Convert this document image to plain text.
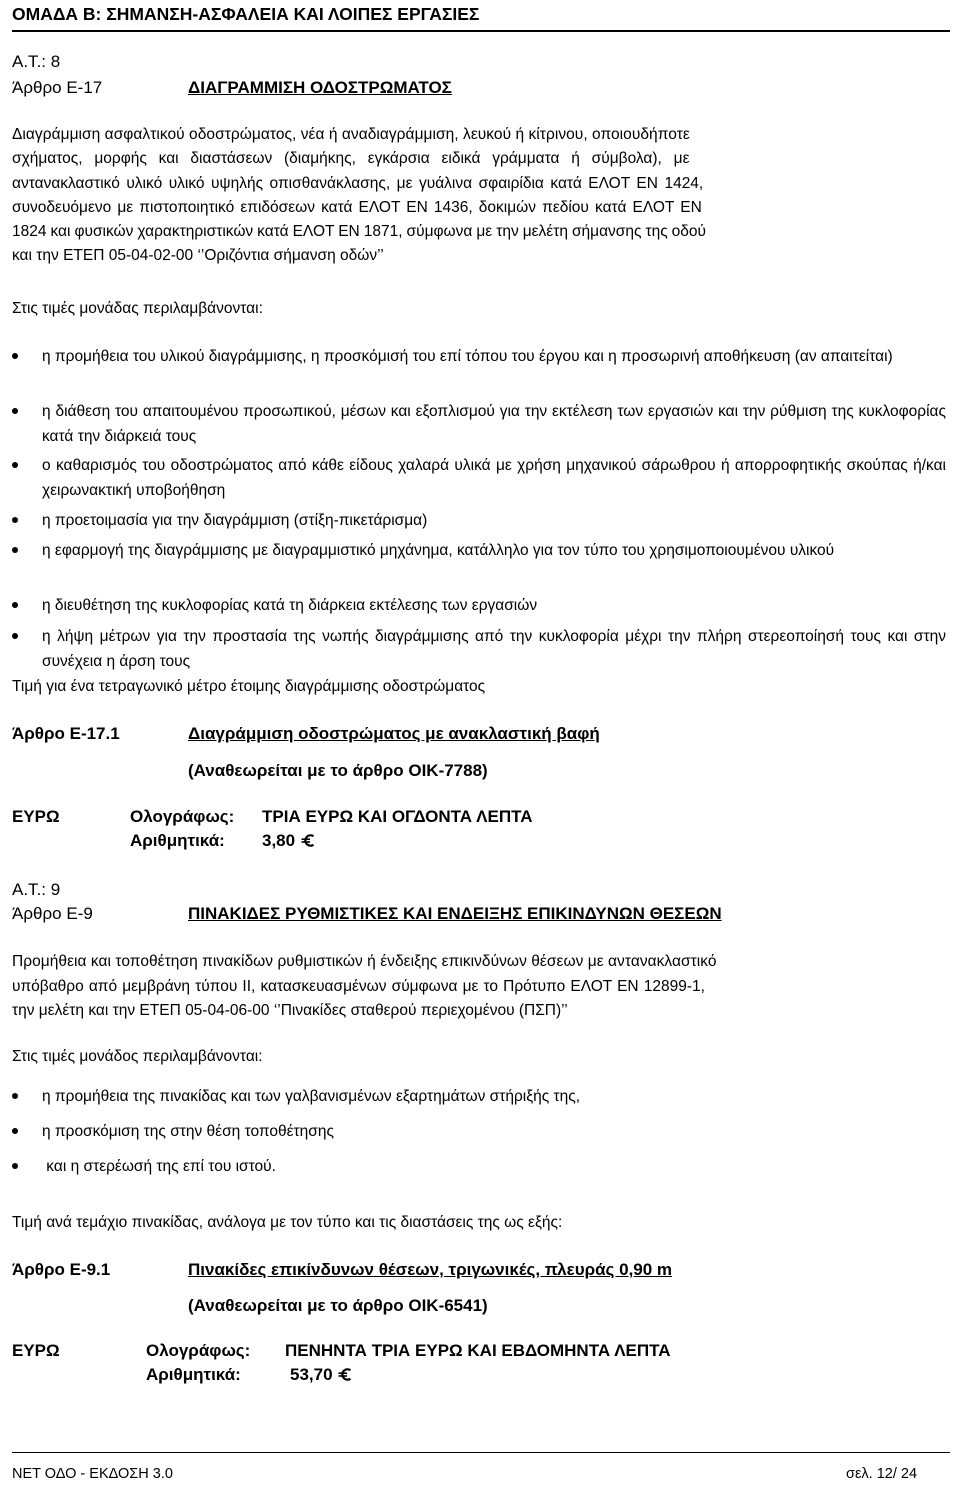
ΟΜΑΔΑ Β: ΣΗΜΑΝΣΗ-ΑΣΦΑΛΕΙΑ ΚΑΙ ΛΟΙΠΕΣ ΕΡΓΑΣΙΕΣ
Α.Τ.: 8
Άρθρο Ε-17	ΔΙΑΓΡΑΜΜΙΣΗ ΟΔΟΣΤΡΩΜΑΤΟΣ
Διαγράμμιση ασφαλτικού οδοστρώματος, νέα ή αναδιαγράμμιση, λευκού ή κίτρινου, οποιουδήποτε
σχήματος, μορφής και διαστάσεων (διαμήκης, εγκάρσια ειδικά γράμματα ή σύμβολα), με
αντανακλαστικό υλικό υλικό υψηλής οπισθανάκλασης, με γυάλινα σφαιρίδια κατά ΕΛΟΤ ΕΝ 1424,
συνοδευόμενο με πιστοποιητικό επιδόσεων κατά ΕΛΟΤ ΕΝ 1436, δοκιμών πεδίου κατά ΕΛΟΤ ΕΝ
1824 και φυσικών χαρακτηριστικών κατά ΕΛΟΤ ΕΝ 1871, σύμφωνα με την μελέτη σήμανσης της οδού
και την ΕΤΕΠ 05-04-02-00 ‘’Οριζόντια σήμανση οδών’’
Στις τιμές μονάδας περιλαμβάνονται:
η προμήθεια του υλικού διαγράμμισης, η προσκόμισή του επί τόπου του έργου και η προσωρινή αποθήκευση (αν απαιτείται)
η διάθεση του απαιτουμένου προσωπικού, μέσων και εξοπλισμού για την εκτέλεση των εργασιών και την ρύθμιση της κυκλοφορίας κατά την διάρκειά τους
ο καθαρισμός του οδοστρώματος από κάθε είδους χαλαρά υλικά με χρήση μηχανικού σάρωθρου ή απορροφητικής σκούπας ή/και χειρωνακτική υποβοήθηση
η προετοιμασία για την διαγράμμιση (στίξη-πικετάρισμα)
η εφαρμογή της διαγράμμισης με διαγραμμιστικό μηχάνημα, κατάλληλο για τον τύπο του χρησιμοποιουμένου υλικού
η διευθέτηση της κυκλοφορίας κατά τη διάρκεια εκτέλεσης των εργασιών
η λήψη μέτρων για την προστασία της νωπής διαγράμμισης από την κυκλοφορία μέχρι την πλήρη στερεοποίησή τους και στην συνέχεια η άρση τους
Τιμή για ένα τετραγωνικό μέτρο έτοιμης διαγράμμισης οδοστρώματος
Άρθρο Ε-17.1	Διαγράμμιση οδοστρώματος με ανακλαστική βαφή
(Αναθεωρείται με το άρθρο ΟΙΚ-7788)
ΕΥΡΩ	Ολογράφως: ΤΡΙΑ ΕΥΡΩ ΚΑΙ ΟΓΔΟΝΤΑ ΛΕΠΤΑ
Αριθμητικά: 3,80
Α.Τ.: 9
Άρθρο Ε-9	ΠΙΝΑΚΙΔΕΣ ΡΥΘΜΙΣΤΙΚΕΣ ΚΑΙ ΕΝΔΕΙΞΗΣ ΕΠΙΚΙΝΔΥΝΩΝ ΘΕΣΕΩΝ
Προμήθεια και τοποθέτηση πινακίδων ρυθμιστικών ή ένδειξης επικινδύνων θέσεων με αντανακλαστικό
υπόβαθρο από μεμβράνη τύπου ΙΙ, κατασκευασμένων σύμφωνα με το Πρότυπο ΕΛΟΤ ΕΝ 12899-1,
την μελέτη και την ΕΤΕΠ 05-04-06-00 ‘’Πινακίδες σταθερού περιεχομένου (ΠΣΠ)’’
Στις τιμές μονάδος περιλαμβάνονται:
η προμήθεια της πινακίδας και των γαλβανισμένων εξαρτημάτων στήριξής της,
η προσκόμιση της στην θέση τοποθέτησης
και η στερέωσή της επί του ιστού.
Τιμή ανά τεμάχιο πινακίδας, ανάλογα με τον τύπο και τις διαστάσεις της ως εξής:
Άρθρο Ε-9.1	Πινακίδες επικίνδυνων θέσεων, τριγωνικές, πλευράς 0,90 m
(Αναθεωρείται με το άρθρο ΟΙΚ-6541)
ΕΥΡΩ	Ολογράφως: ΠΕΝΗΝΤΑ ΤΡΙΑ ΕΥΡΩ ΚΑΙ ΕΒΔΟΜΗΝΤΑ ΛΕΠΤΑ
Αριθμητικά:	53,70
ΝΕΤ ΟΔΟ - ΕΚΔΟΣΗ 3.0	σελ. 12/ 24
